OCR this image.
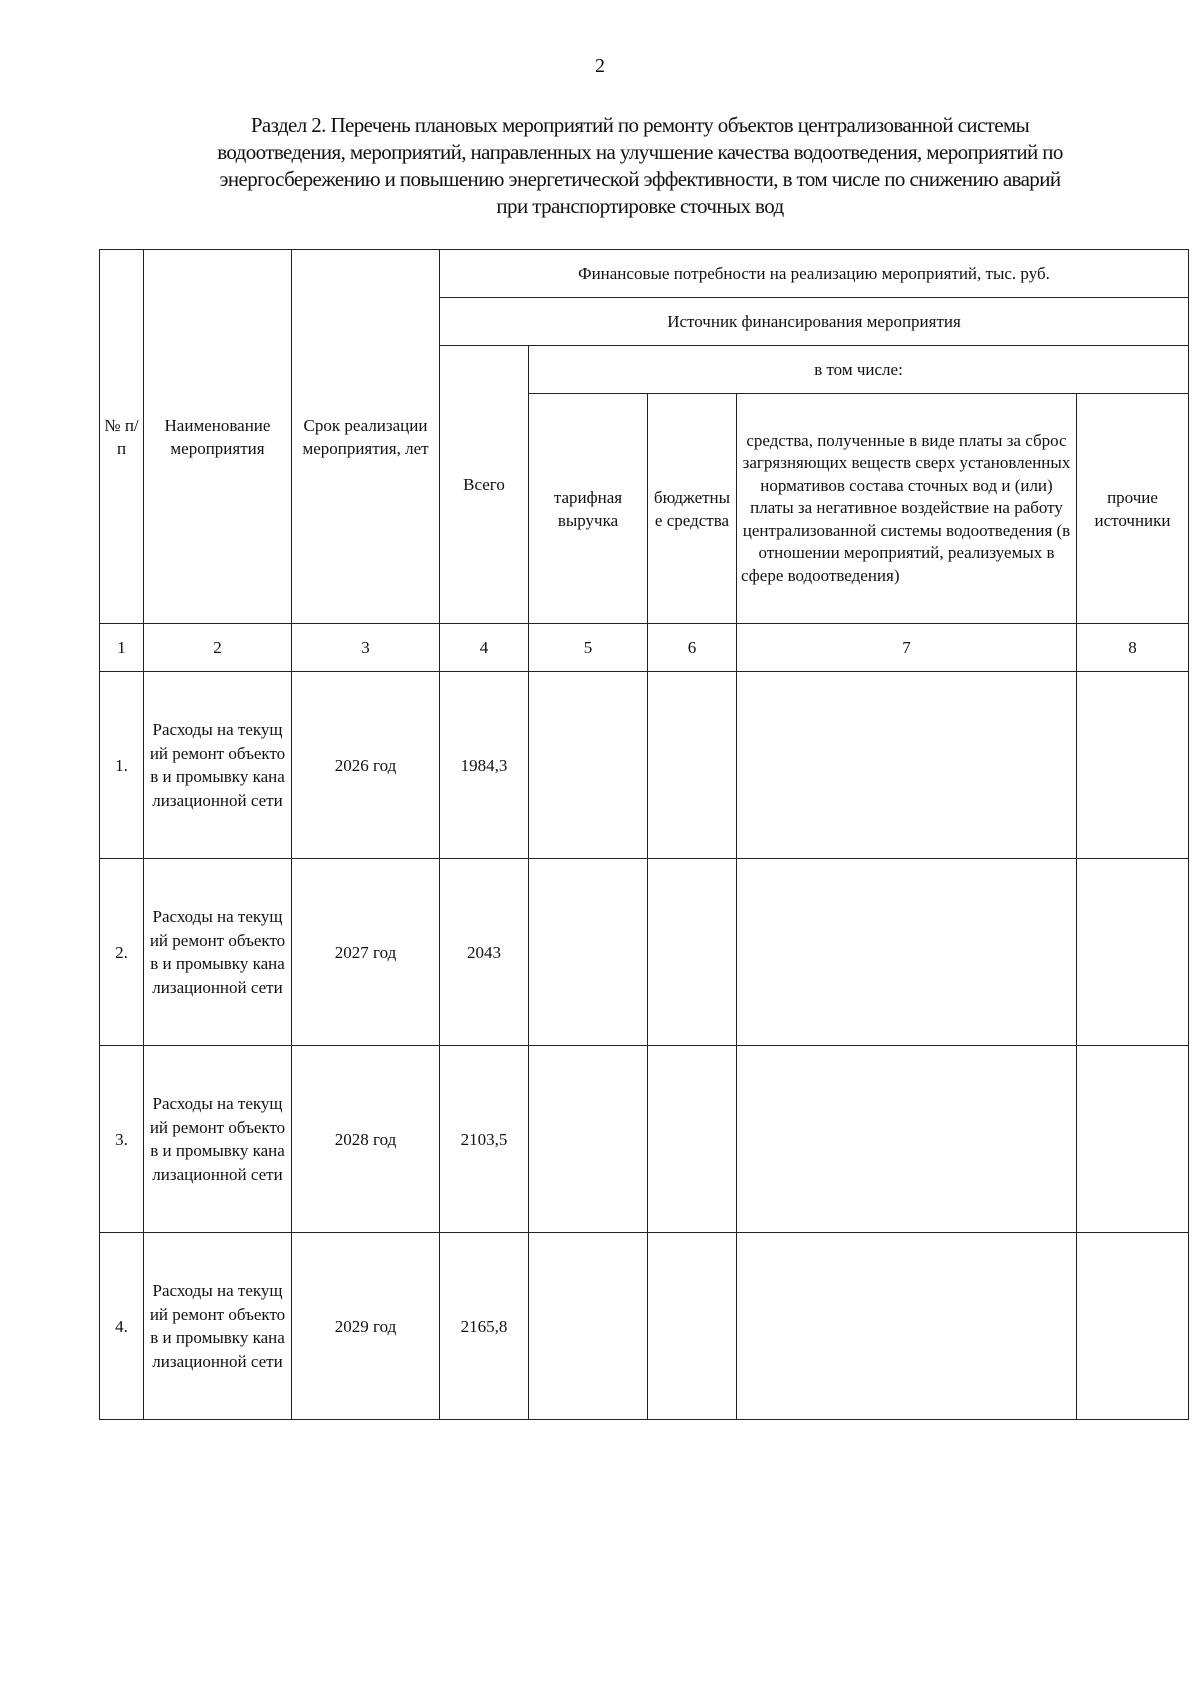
2
Раздел 2. Перечень плановых мероприятий по ремонту объектов централизованной системы
водоотведения, мероприятий, направленных на улучшение качества водоотведения, мероприятий по
энергосбережению и повышению энергетической эффективности, в том числе по снижению аварий
при транспортировке сточных вод
№ п/п	Наименование мероприятия	Срок реализации мероприятия, лет	Финансовые потребности на реализацию мероприятий, тыс. руб.				
			Источник финансирования мероприятия				
			Всего	в том числе:			
				тарифная выручка	бюджетные средства	средства, полученные в виде платы за сброс загрязняющих веществ сверх установленных нормативов состава сточных вод и (или) платы за негативное воздействие на работу централизованной системы водоотведения (в отношении мероприятий, реализуемых в сфере водоотведения)	прочие источники
1	2	3	4	5	6	7	8
1.	Расходы на текущий ремонт объектов и промывку канализационной сети	2026 год	1984,3				
2.	Расходы на текущий ремонт объектов и промывку канализационной сети	2027 год	2043				
3.	Расходы на текущий ремонт объектов и промывку канализационной сети	2028 год	2103,5				
4.	Расходы на текущий ремонт объектов и промывку канализационной сети	2029 год	2165,8				
